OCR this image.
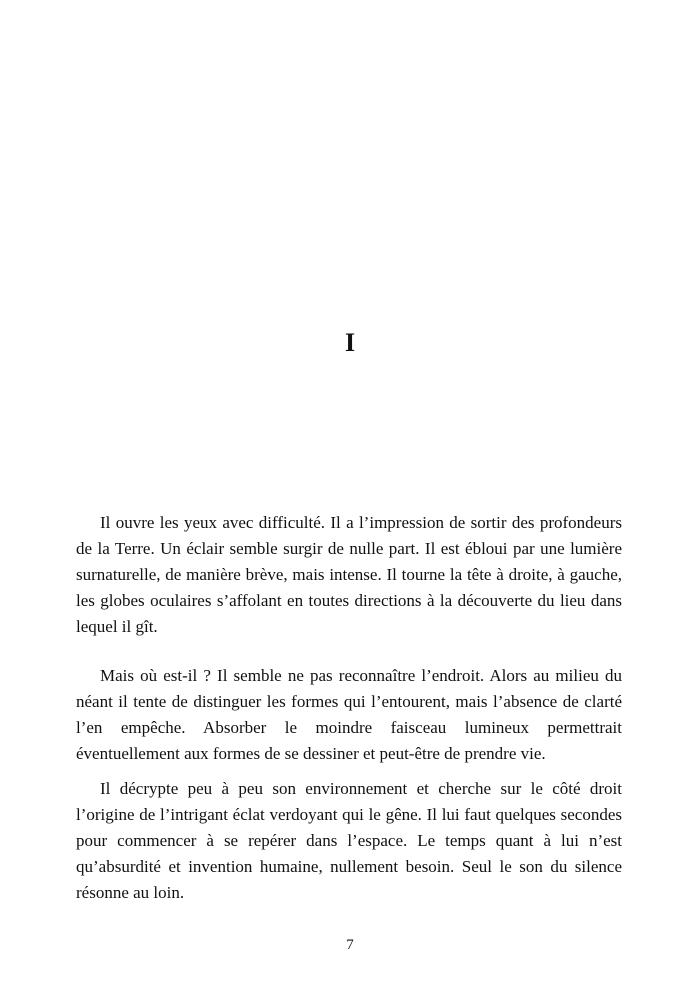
I

Il ouvre les yeux avec difficulté. Il a l’impression de sortir des profondeurs de la Terre. Un éclair semble surgir de nulle part. Il est ébloui par une lumière surnaturelle, de manière brève, mais intense. Il tourne la tête à droite, à gauche, les globes oculaires s’affolant en toutes directions à la découverte du lieu dans lequel il gît.

Mais où est-il ? Il semble ne pas reconnaître l’endroit. Alors au milieu du néant il tente de distinguer les formes qui l’entourent, mais l’absence de clarté l’en empêche. Absorber le moindre faisceau lumineux permettrait éventuellement aux formes de se dessiner et peut-être de prendre vie.

Il décrypte peu à peu son environnement et cherche sur le côté droit l’origine de l’intrigant éclat verdoyant qui le gêne. Il lui faut quelques secondes pour commencer à se repérer dans l’espace. Le temps quant à lui n’est qu’absurdité et invention humaine, nullement besoin. Seul le son du silence résonne au loin.

7
